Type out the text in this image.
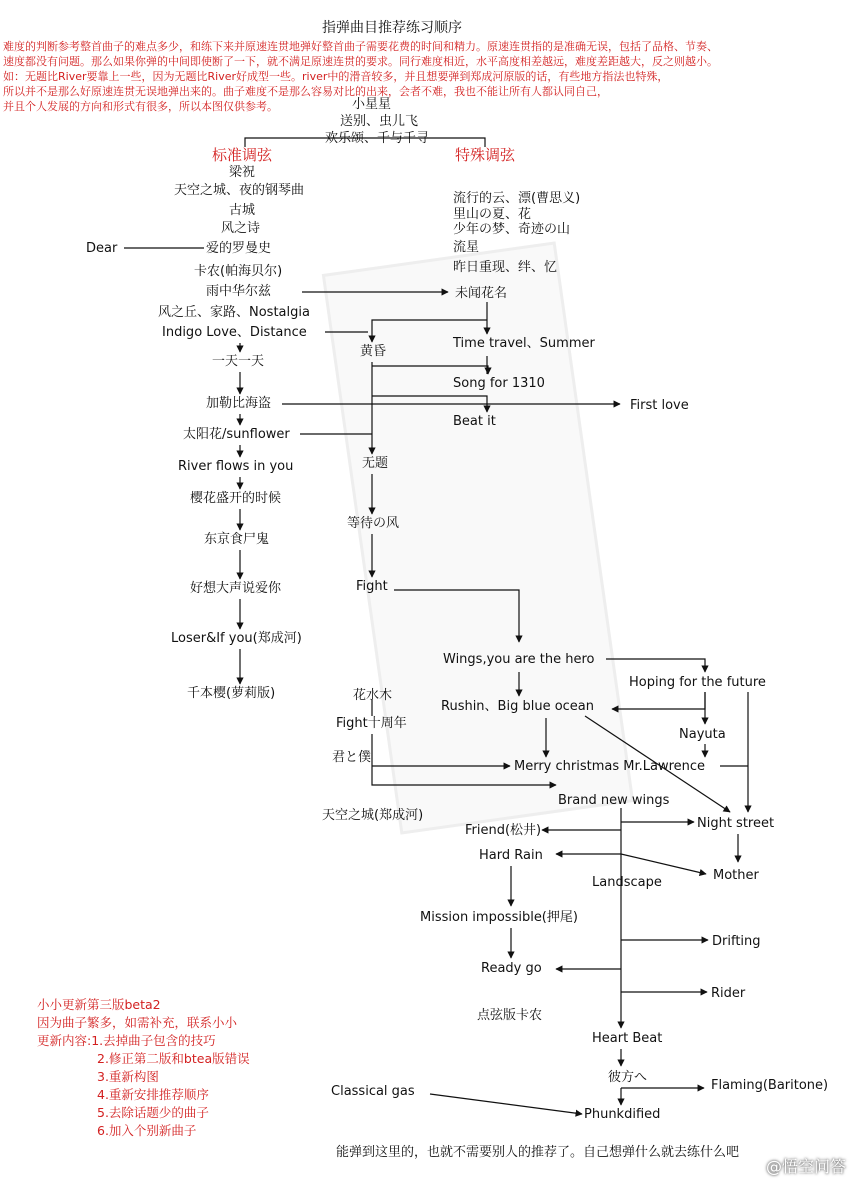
指弹曲目推荐练习顺序
难度的判断参考整首曲子的难点多少，和练下来并原速连贯地弹好整首曲子需要花费的时间和精力。原速连贯指的是准确无误，包括了品格、节奏、
速度都没有问题。那么如果你弹的中间即使断了一下，就不满足原速连贯的要求。同行难度相近，水平高度相差越远，难度差距越大，反之则越小。
如：无题比River要靠上一些，因为无题比River好成型一些。river中的滑音较多，并且想要弹到郑成河原版的话，有些地方指法也特殊，
所以并不是那么好原速连贯无误地弹出来的。曲子难度不是那么容易对比的出来，会者不难，我也不能让所有人都认同自己，
并且个人发展的方向和形式有很多，所以本图仅供参考。	小星星
送别、虫儿飞
欢乐颂、千与千寻
标准调弦	特殊调弦
梁祝
天空之城、夜的钢琴曲
古城
风之诗
爱的罗曼史
卡农(帕海贝尔)
雨中华尔兹
风之丘、家路、Nostalgia
Indigo Love、Distance
一天一天
加勒比海盗
太阳花/sunflower
River flows in you
樱花盛开的时候
东京食尸鬼
好想大声说爱你
Loser&If you(郑成河)
千本樱(萝莉版)
Dear
流行的云、漂(曹思义)
里山の夏、花
少年の梦、奇迹の山
流星
昨日重现、绊、忆
未闻花名
Time travel、Summer
Song for 1310
Beat it
First love
黄昏
无题
等待の风
Fight
Wings,you are the hero
Hoping for the future
Rushin、Big blue ocean
Nayuta
Merry christmas Mr.Lawrence
Brand new wings
Night street
Friend(松井)
Hard Rain
Mother
Landscape
Mission impossible(押尾)
Drifting
Ready go
Rider
点弦版卡农
Heart Beat
彼方へ
Flaming(Baritone)
Classical gas
Phunkdified
花水木
Fight十周年
君と僕
天空之城(郑成河)
小小更新第三版beta2
因为曲子繁多，如需补充，联系小小
更新内容:1.去掉曲子包含的技巧
2.修正第二版和btea版错误
3.重新构图
4.重新安排推荐顺序
5.去除话题少的曲子
6.加入个别新曲子
能弹到这里的，也就不需要别人的推荐了。自己想弹什么就去练什么吧
@悟空问答
